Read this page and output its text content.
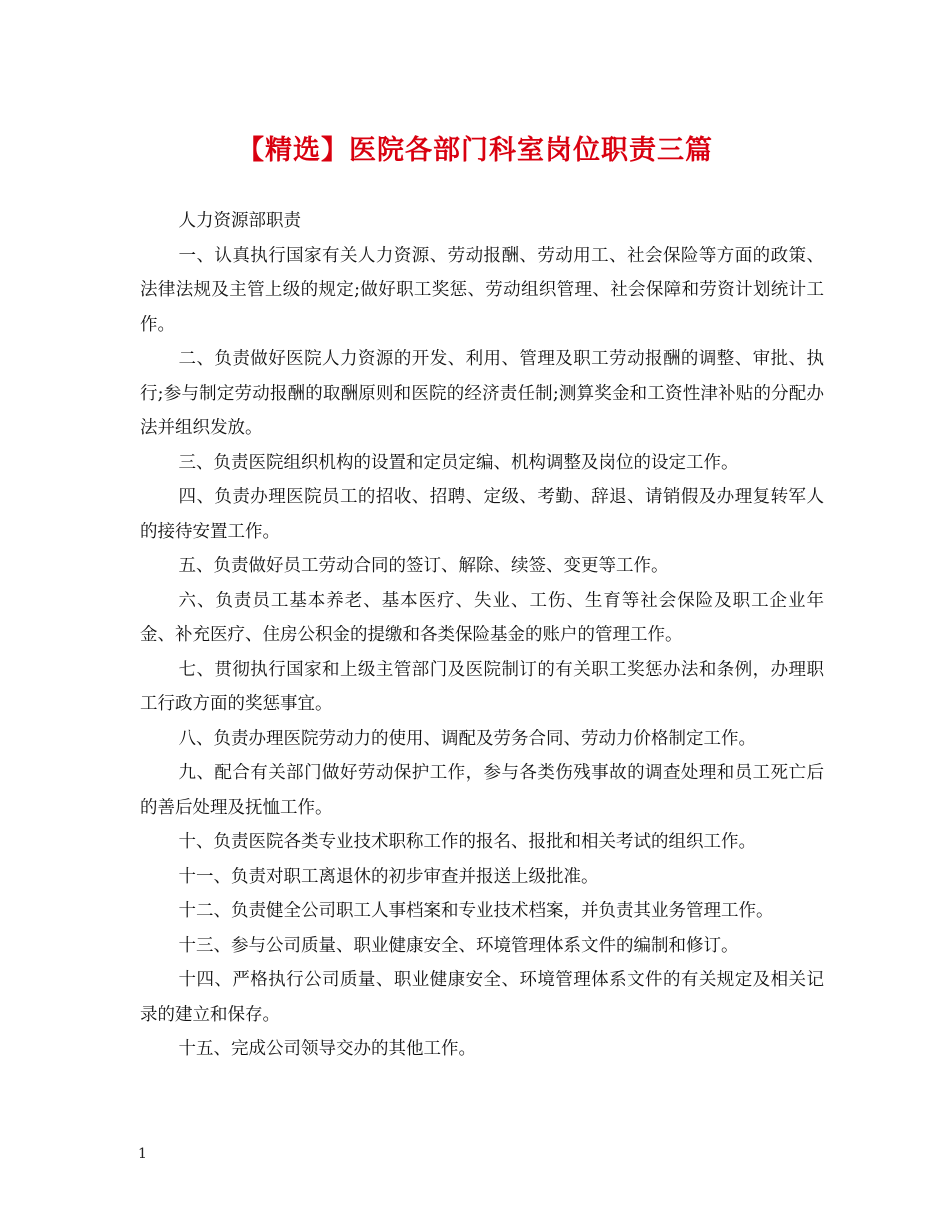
【精选】医院各部门科室岗位职责三篇

人力资源部职责

一、认真执行国家有关人力资源、劳动报酬、劳动用工、社会保险等方面的政策、法律法规及主管上级的规定;做好职工奖惩、劳动组织管理、社会保障和劳资计划统计工作。

二、负责做好医院人力资源的开发、利用、管理及职工劳动报酬的调整、审批、执行;参与制定劳动报酬的取酬原则和医院的经济责任制;测算奖金和工资性津补贴的分配办法并组织发放。

三、负责医院组织机构的设置和定员定编、机构调整及岗位的设定工作。

四、负责办理医院员工的招收、招聘、定级、考勤、辞退、请销假及办理复转军人的接待安置工作。

五、负责做好员工劳动合同的签订、解除、续签、变更等工作。

六、负责员工基本养老、基本医疗、失业、工伤、生育等社会保险及职工企业年金、补充医疗、住房公积金的提缴和各类保险基金的账户的管理工作。

七、贯彻执行国家和上级主管部门及医院制订的有关职工奖惩办法和条例，办理职工行政方面的奖惩事宜。

八、负责办理医院劳动力的使用、调配及劳务合同、劳动力价格制定工作。

九、配合有关部门做好劳动保护工作，参与各类伤残事故的调查处理和员工死亡后的善后处理及抚恤工作。

十、负责医院各类专业技术职称工作的报名、报批和相关考试的组织工作。

十一、负责对职工离退休的初步审查并报送上级批准。

十二、负责健全公司职工人事档案和专业技术档案，并负责其业务管理工作。

十三、参与公司质量、职业健康安全、环境管理体系文件的编制和修订。

十四、严格执行公司质量、职业健康安全、环境管理体系文件的有关规定及相关记录的建立和保存。

十五、完成公司领导交办的其他工作。

1
